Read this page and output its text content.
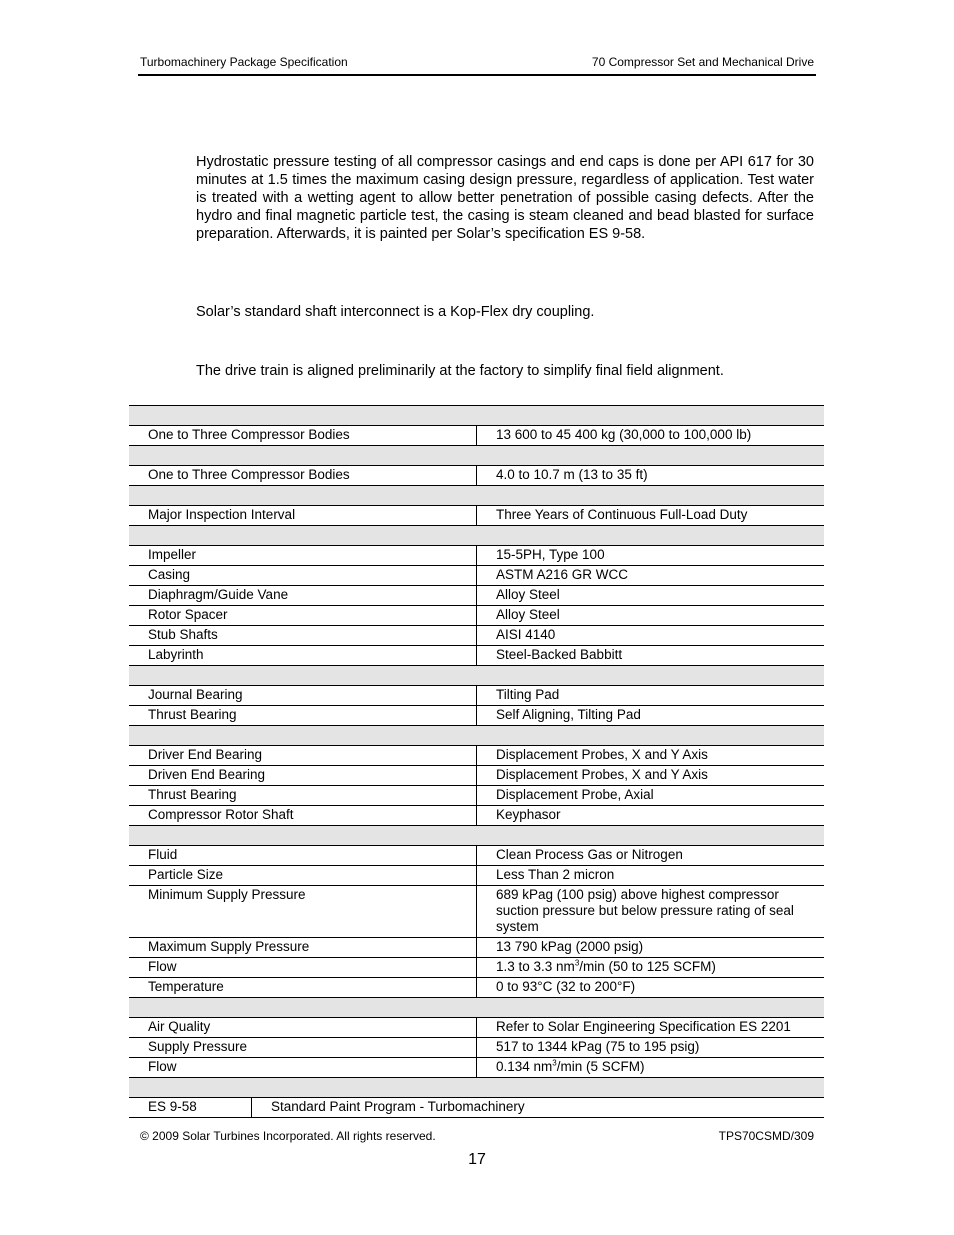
Turbomachinery Package Specification	70 Compressor Set and Mechanical Drive

Hydrostatic pressure testing of all compressor casings and end caps is done per API 617 for 30 minutes at 1.5 times the maximum casing design pressure, regardless of application. Test water is treated with a wetting agent to allow better penetration of possible casing defects. After the hydro and final magnetic particle test, the casing is steam cleaned and bead blasted for surface preparation. Afterwards, it is painted per Solar’s specification ES 9-58.

Solar’s standard shaft interconnect is a Kop-Flex dry coupling.

The drive train is aligned preliminarily at the factory to simplify final field alignment.

One to Three Compressor Bodies	13 600 to 45 400 kg (30,000 to 100,000 lb)

One to Three Compressor Bodies	4.0 to 10.7 m (13 to 35 ft)

Major Inspection Interval	Three Years of Continuous Full-Load Duty

Impeller	15-5PH, Type 100
Casing	ASTM A216 GR WCC
Diaphragm/Guide Vane	Alloy Steel
Rotor Spacer	Alloy Steel
Stub Shafts	AISI 4140
Labyrinth	Steel-Backed Babbitt

Journal Bearing	Tilting Pad
Thrust Bearing	Self Aligning, Tilting Pad

Driver End Bearing	Displacement Probes, X and Y Axis
Driven End Bearing	Displacement Probes, X and Y Axis
Thrust Bearing	Displacement Probe, Axial
Compressor Rotor Shaft	Keyphasor

Fluid	Clean Process Gas or Nitrogen
Particle Size	Less Than 2 micron
Minimum Supply Pressure	689 kPag (100 psig) above highest compressor suction pressure but below pressure rating of seal system
Maximum Supply Pressure	13 790 kPag (2000 psig)
Flow	1.3 to 3.3 $nm^3/\min$ (50 to 125 SCFM)
Temperature	0 to 93°C (32 to 200°F)

Air Quality	Refer to Solar Engineering Specification ES 2201
Supply Pressure	517 to 1344 kPag (75 to 195 psig)
Flow	0.134 $nm^3/\min$ (5 SCFM)

ES 9-58	Standard Paint Program - Turbomachinery
© 2009 Solar Turbines Incorporated. All rights reserved.	TPS70CSMD/309
17
